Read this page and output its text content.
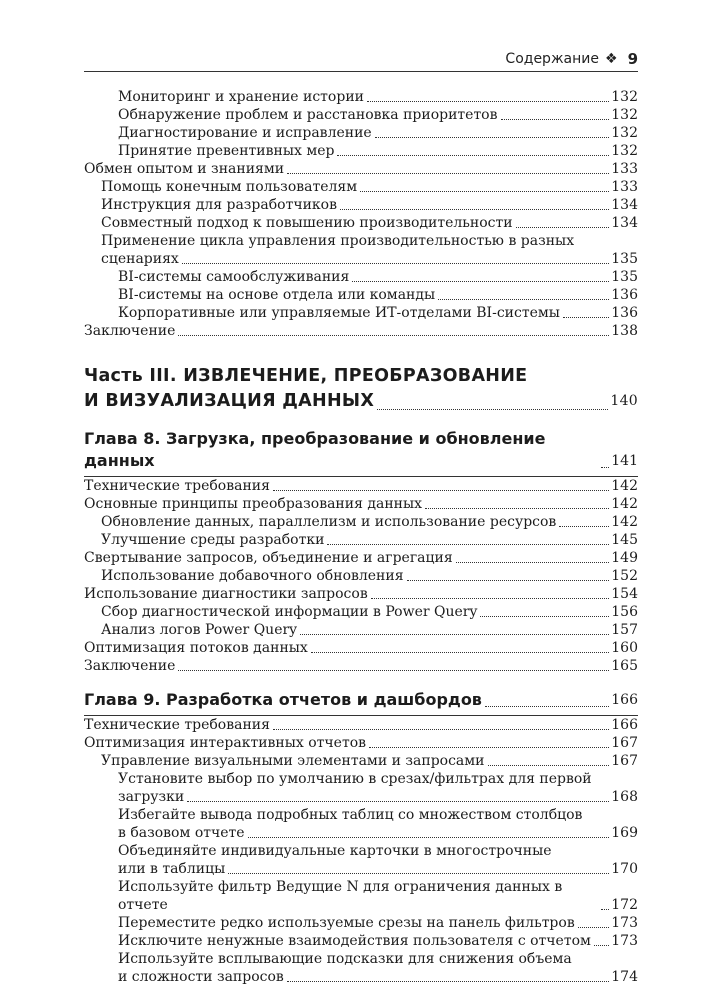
Содержание ❖ 9
Мониторинг и хранение истории	132
Обнаружение проблем и расстановка приоритетов	132
Диагностирование и исправление	132
Принятие превентивных мер	132
Обмен опытом и знаниями	133
Помощь конечным пользователям	133
Инструкция для разработчиков	134
Совместный подход к повышению производительности	134
Применение цикла управления производительностью в разных
сценариях	135
BI-системы самообслуживания	135
BI-системы на основе отдела или команды	136
Корпоративные или управляемые ИТ-отделами BI-системы	136
Заключение	138
Часть III. ИЗВЛЕЧЕНИЕ, ПРЕОБРАЗОВАНИЕ
И ВИЗУАЛИЗАЦИЯ ДАННЫХ	140
Глава 8. Загрузка, преобразование и обновление данных	141
Технические требования	142
Основные принципы преобразования данных	142
Обновление данных, параллелизм и использование ресурсов	142
Улучшение среды разработки	145
Свертывание запросов, объединение и агрегация	149
Использование добавочного обновления	152
Использование диагностики запросов	154
Сбор диагностической информации в Power Query	156
Анализ логов Power Query	157
Оптимизация потоков данных	160
Заключение	165
Глава 9. Разработка отчетов и дашбордов	166
Технические требования	166
Оптимизация интерактивных отчетов	167
Управление визуальными элементами и запросами	167
Установите выбор по умолчанию в срезах/фильтрах для первой
загрузки	168
Избегайте вывода подробных таблиц со множеством столбцов
в базовом отчете	169
Объединяйте индивидуальные карточки в многострочные
или в таблицы	170
Используйте фильтр Ведущие N для ограничения данных в отчете	172
Переместите редко используемые срезы на панель фильтров	173
Исключите ненужные взаимодействия пользователя с отчетом 173
Используйте всплывающие подсказки для снижения объема
и сложности запросов	174
